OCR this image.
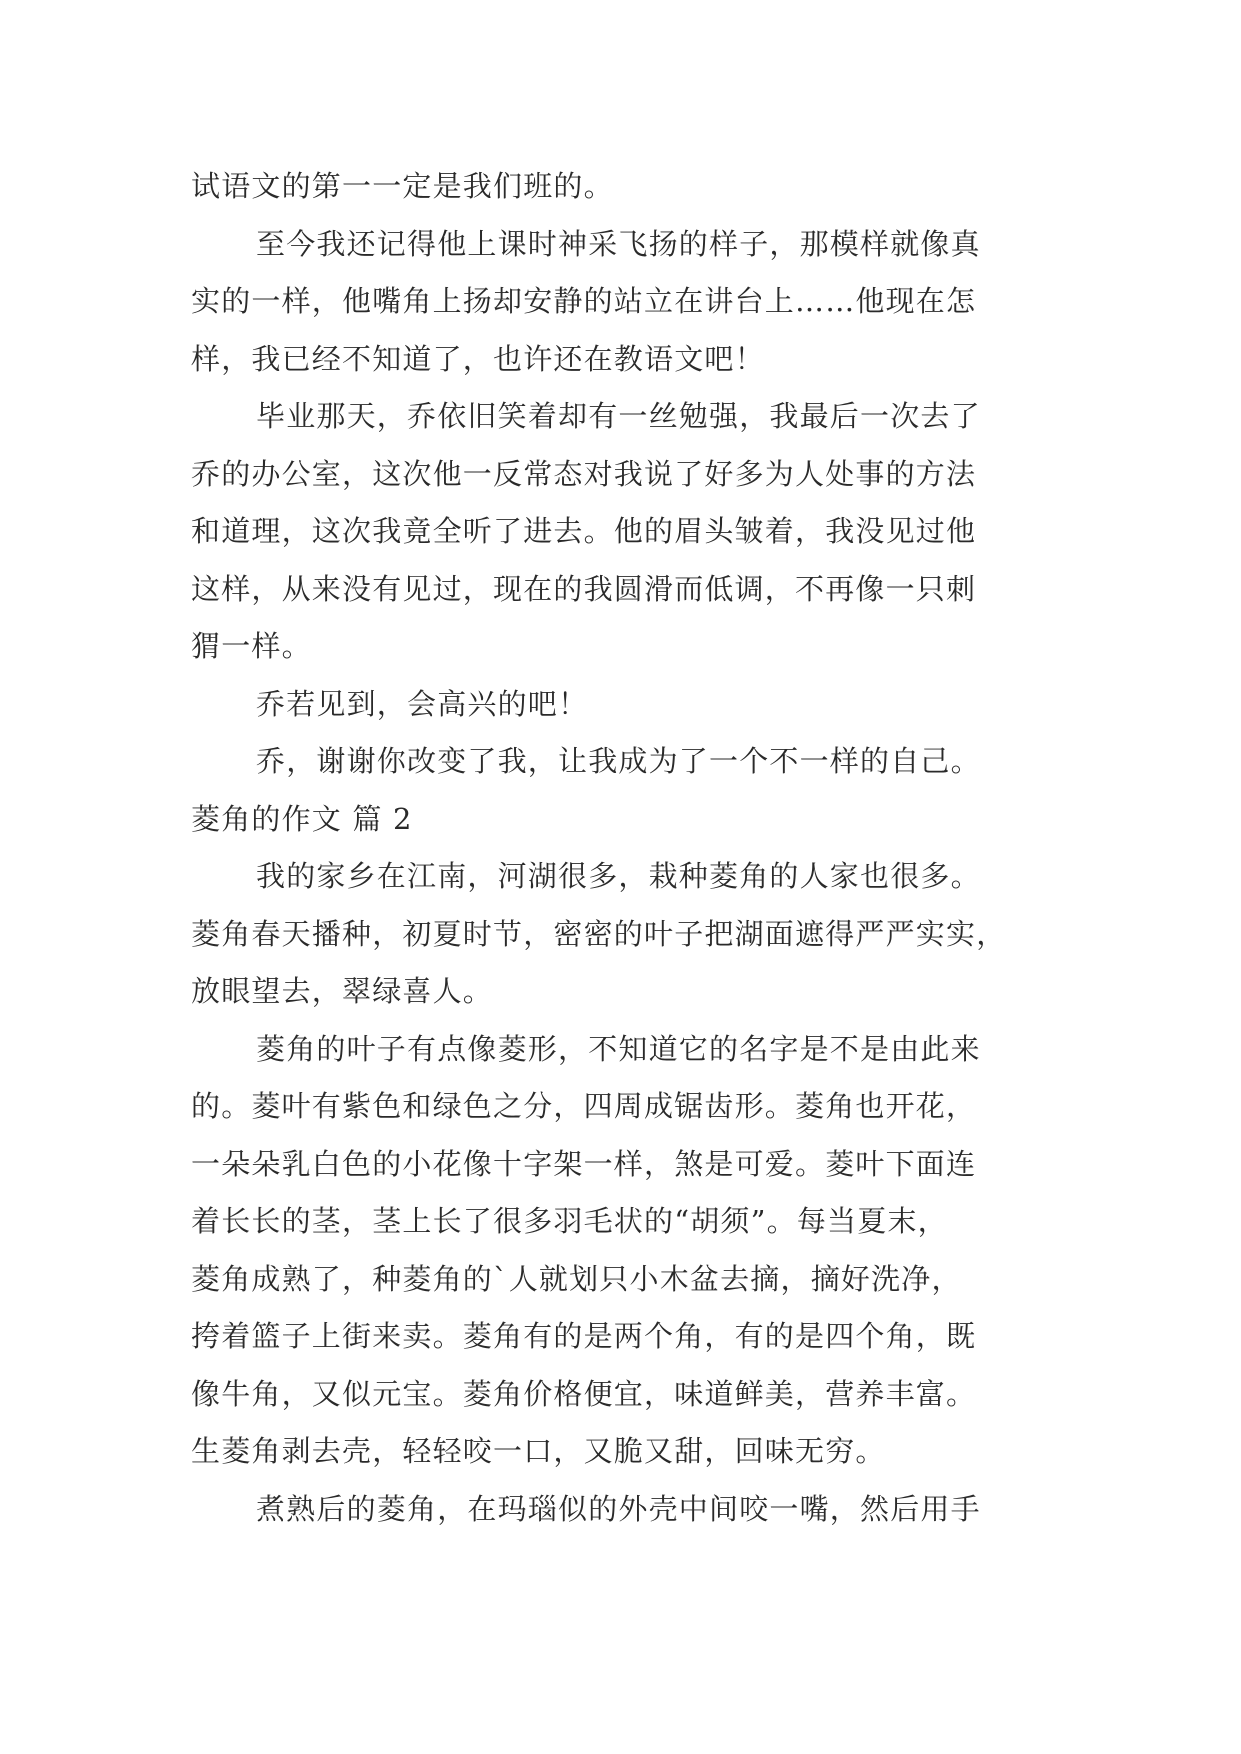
试语文的第一一定是我们班的。
至今我还记得他上课时神采飞扬的样子，那模样就像真
实的一样，他嘴角上扬却安静的站立在讲台上……他现在怎
样，我已经不知道了，也许还在教语文吧！
毕业那天，乔依旧笑着却有一丝勉强，我最后一次去了
乔的办公室，这次他一反常态对我说了好多为人处事的方法
和道理，这次我竟全听了进去。他的眉头皱着，我没见过他
这样，从来没有见过，现在的我圆滑而低调，不再像一只刺
猬一样。
乔若见到，会高兴的吧！
乔，谢谢你改变了我，让我成为了一个不一样的自己。
菱角的作文 篇 2
我的家乡在江南，河湖很多，栽种菱角的人家也很多。
菱角春天播种，初夏时节，密密的叶子把湖面遮得严严实实，
放眼望去，翠绿喜人。
菱角的叶子有点像菱形，不知道它的名字是不是由此来
的。菱叶有紫色和绿色之分，四周成锯齿形。菱角也开花，
一朵朵乳白色的小花像十字架一样，煞是可爱。菱叶下面连
着长长的茎，茎上长了很多羽毛状的“胡须”。每当夏末，
菱角成熟了，种菱角的`人就划只小木盆去摘，摘好洗净，
挎着篮子上街来卖。菱角有的是两个角，有的是四个角，既
像牛角，又似元宝。菱角价格便宜，味道鲜美，营养丰富。
生菱角剥去壳，轻轻咬一口，又脆又甜，回味无穷。
煮熟后的菱角，在玛瑙似的外壳中间咬一嘴，然后用手
